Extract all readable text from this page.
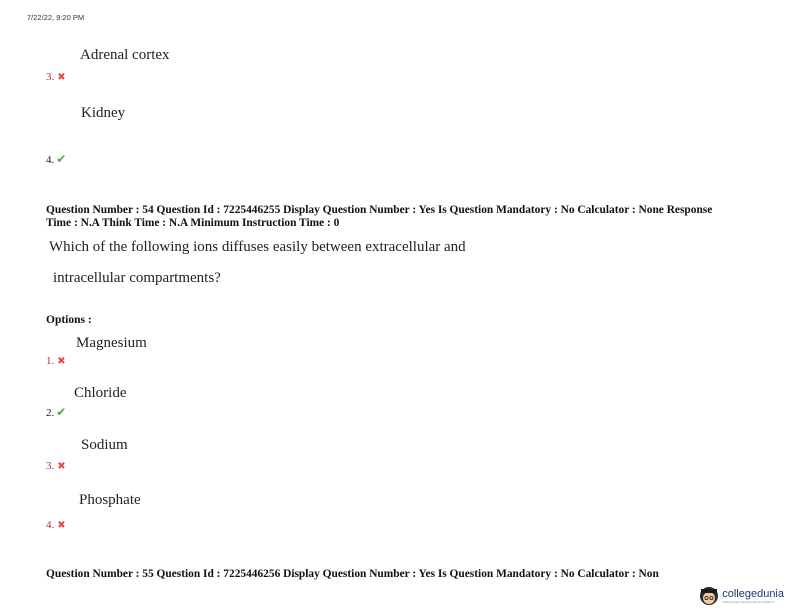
7/22/22, 9:20 PM
Adrenal cortex
3. ✖
Kidney
4. ✔
Question Number : 54 Question Id : 7225446255 Display Question Number : Yes Is Question Mandatory : No Calculator : None Response
Time : N.A Think Time : N.A Minimum Instruction Time : 0
Which of the following ions diffuses easily between extracellular and
intracellular compartments?
Options :
Magnesium
1. ✖
Chloride
2. ✔
Sodium
3. ✖
Phosphate
4. ✖
Question Number : 55 Question Id : 7225446256 Display Question Number : Yes Is Question Mandatory : No Calculator : Non
collegedunia
India's largest Student Review Platform
